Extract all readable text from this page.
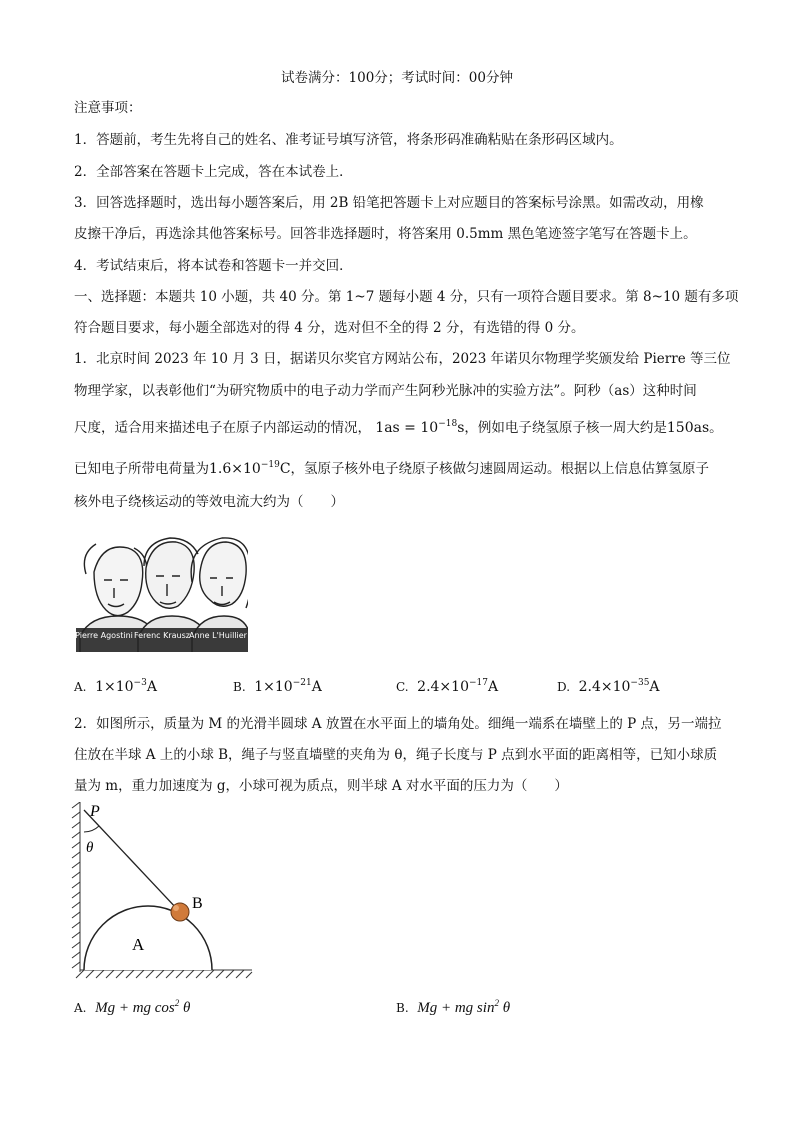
试卷满分：100分；考试时间：00分钟
注意事项：
1．答题前，考生先将自己的姓名、准考证号填写济管，将条形码准确粘贴在条形码区域内。
2．全部答案在答题卡上完成，答在本试卷上．
3．回答选择题时，选出每小题答案后，用 2B 铅笔把答题卡上对应题目的答案标号涂黑。如需改动，用橡
皮擦干净后，再选涂其他答案标号。回答非选择题时，将答案用 0.5mm 黑色笔迹签字笔写在答题卡上。
4．考试结束后，将本试卷和答题卡一并交回．
一、选择题：本题共 10 小题，共 40 分。第 1~7 题每小题 4 分，只有一项符合题目要求。第 8~10 题有多项
符合题目要求，每小题全部选对的得 4 分，选对但不全的得 2 分，有选错的得 0 分。
1．北京时间 2023 年 10 月 3 日，据诺贝尔奖官方网站公布，2023 年诺贝尔物理学奖颁发给 Pierre 等三位
物理学家，以表彰他们“为研究物质中的电子动力学而产生阿秒光脉冲的实验方法”。阿秒（as）这种时间
尺度，适合用来描述电子在原子内部运动的情况， $1as = 10^{-18}s$，例如电子绕氢原子核一周大约是150as。
已知电子所带电荷量为$1.6\times 10^{-19}C$，氢原子核外电子绕原子核做匀速圆周运动。根据以上信息估算氢原子
核外电子绕核运动的等效电流大约为（　　）
Pierre Agostini Ferenc Krausz Anne L'Huillier
A. $1\times 10^{-3}A$	B. $1\times 10^{-21}A$	C. $2.4\times 10^{-17}A$	D. $2.4\times 10^{-35}A$
2．如图所示，质量为 M 的光滑半圆球 A 放置在水平面上的墙角处。细绳一端系在墙壁上的 P 点，另一端拉
住放在半球 A 上的小球 B，绳子与竖直墙壁的夹角为 θ，绳子长度与 P 点到水平面的距离相等，已知小球质
量为 m，重力加速度为 g，小球可视为质点，则半球 A 对水平面的压力为（　　）
P
θ
B
A
A. Mg + mg $\cos^2 \theta$	B. Mg + mg $\sin^2 \theta$
